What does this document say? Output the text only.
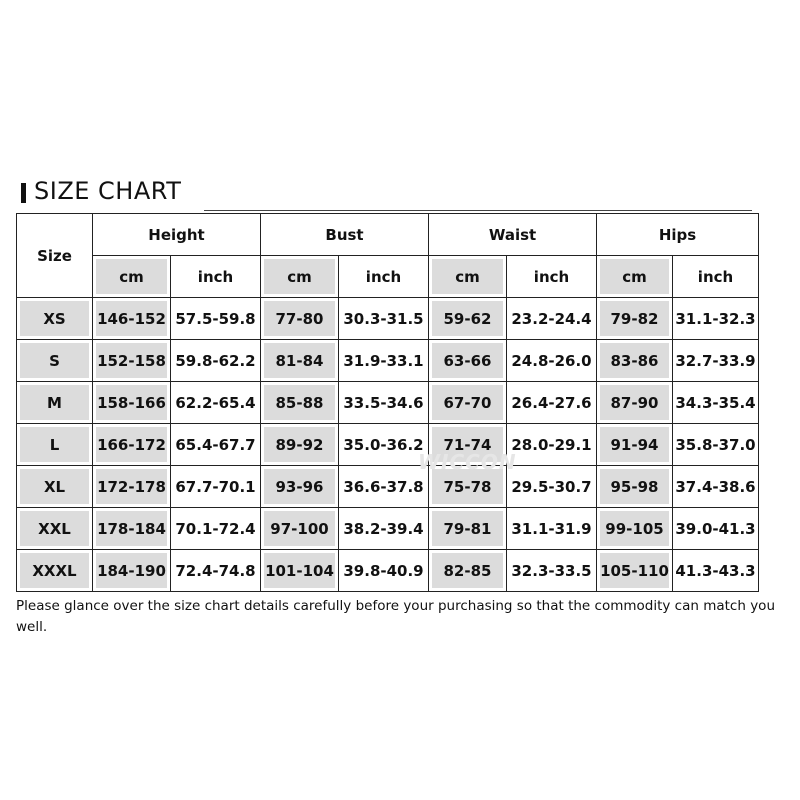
SIZE CHART
Size	Height		Bust		Waist		Hips	

cm	inch	cm	inch	cm	inch	cm	inch

XS	146-152	57.5-59.8	77-80	30.3-31.5	59-62	23.2-24.4	79-82	31.1-32.3

S	152-158	59.8-62.2	81-84	31.9-33.1	63-66	24.8-26.0	83-86	32.7-33.9

M	158-166	62.2-65.4	85-88	33.5-34.6	67-70	26.4-27.6	87-90	34.3-35.4

L	166-172	65.4-67.7	89-92	35.0-36.2	71-74	28.0-29.1	91-94	35.8-37.0

XL	172-178	67.7-70.1	93-96	36.6-37.8	75-78	29.5-30.7	95-98	37.4-38.6

XXL	178-184	70.1-72.4	97-100	38.2-39.4	79-81	31.1-31.9	99-105	39.0-41.3

XXXL	184-190	72.4-74.8	101-104	39.8-40.9	82-85	32.3-33.5	105-110	41.3-43.3
WICCON
Please glance over the size chart details carefully before your purchasing so that the commodity can match you well.
